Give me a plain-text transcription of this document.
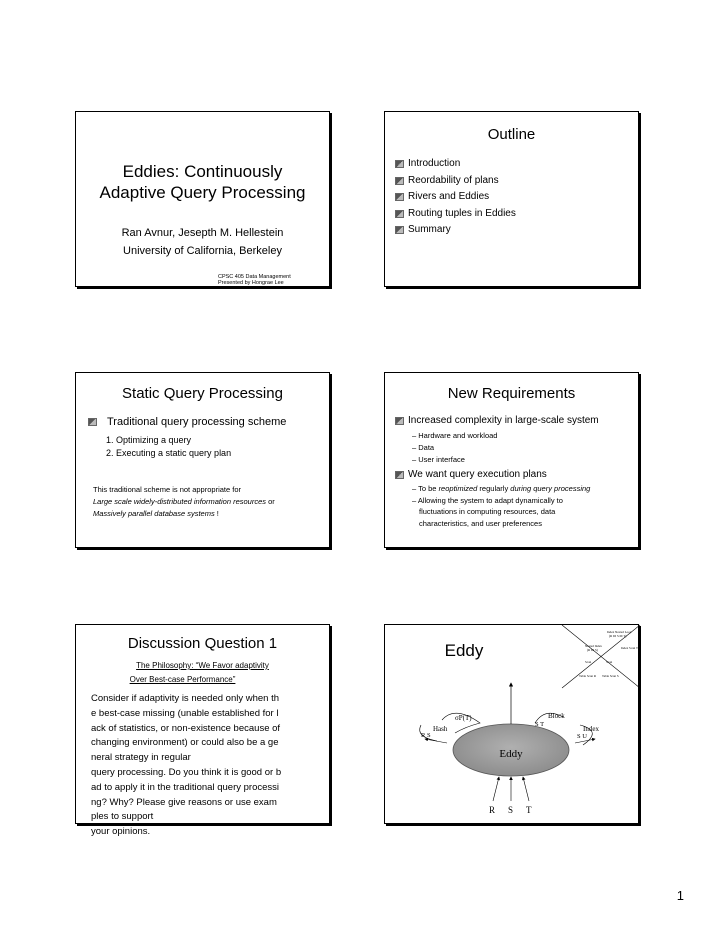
Eddies: Continuously
Adaptive Query Processing
Ran Avnur, Jesepth M. Hellestein
University of California, Berkeley
CPSC 405 Data Management
Presented by Hongrae Lee
Outline
Introduction
Reordability of plans
Rivers and Eddies
Routing tuples in Eddies
Summary
Static Query Processing
Traditional query processing scheme
1. Optimizing a query
2. Executing a static query plan
This traditional scheme is not appropriate for
Large scale widely-distributed information resources or
Massively parallel database systems !
New Requirements
Increased complexity in large-scale system
– Hardware and workload
– Data
– User interface
We want query execution plans
– To be reoptimized regularly during query processing
– Allowing the system to adapt dynamically to
fluctuations in computing resources, data
characteristics, and user preferences
Discussion Question 1
The Philosophy: “We Favor adaptivity
Over Best-case Performance”
Consider if adaptivity is needed only when th
e best-case missing (unable established for l
ack of statistics, or non-existence because of
changing environment) or could also be a ge
neral strategy in regular
query processing. Do you think it is good or b
ad to apply it in the traditional query processi
ng? Why? Please give reasons or use exam
ples to support
your opinions.
Index Nested Loop
(R ⋈ S ⋈ T)
Index Scan T
Nested Index
(R ⋈ S)
Scan	Scan
Table Scan R Table Scan S
Eddy
σP(T)	Block
S T
Hash
R S
Index
S U
R S T
Eddy
1
